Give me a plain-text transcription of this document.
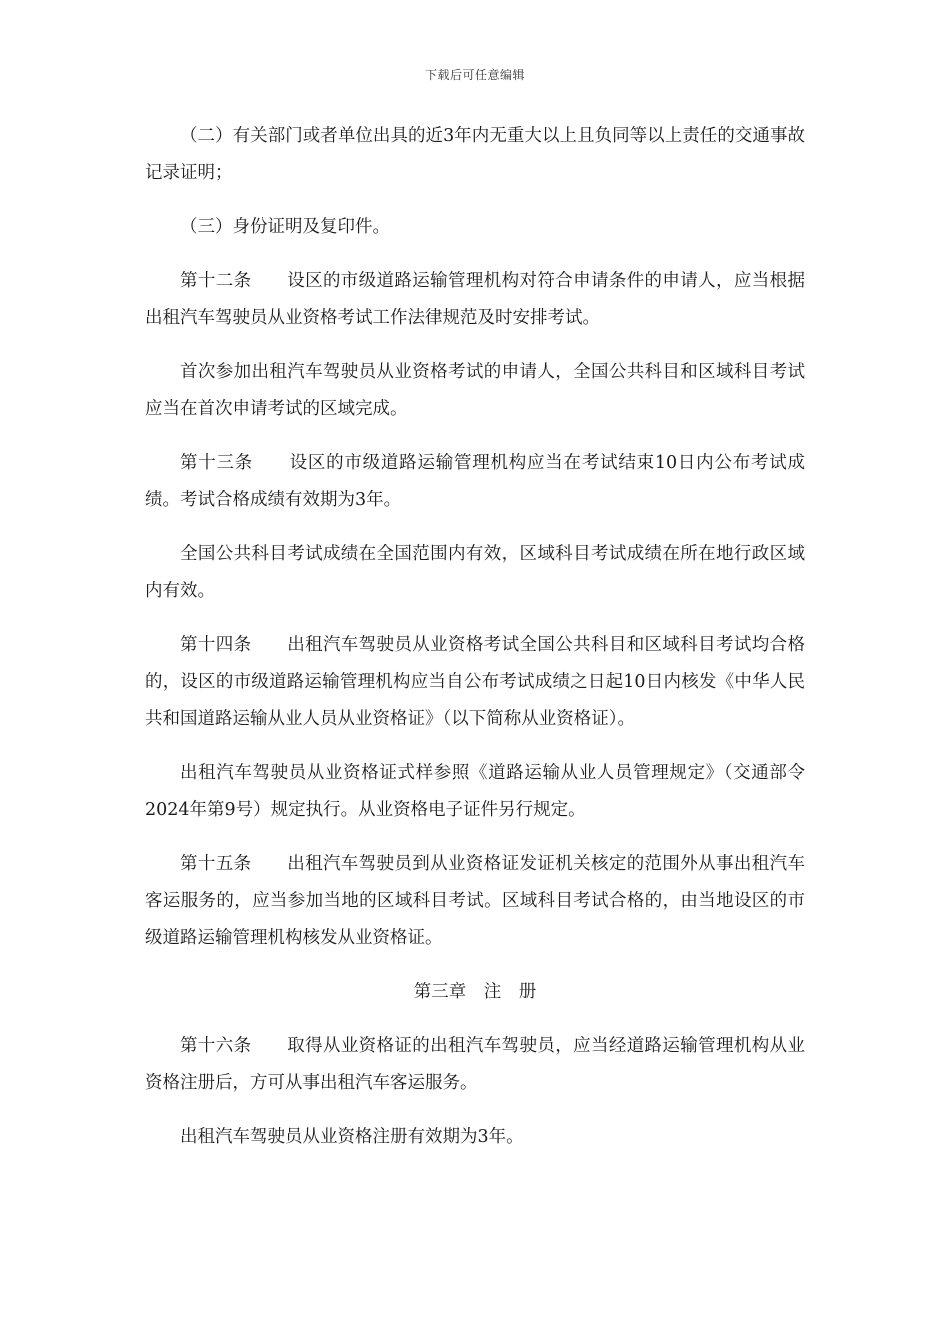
下载后可任意编辑

（二）有关部门或者单位出具的近3年内无重大以上且负同等以上责任的交通事故记录证明；

（三）身份证明及复印件。

第十二条　　设区的市级道路运输管理机构对符合申请条件的申请人，应当根据出租汽车驾驶员从业资格考试工作法律规范及时安排考试。

首次参加出租汽车驾驶员从业资格考试的申请人，全国公共科目和区域科目考试应当在首次申请考试的区域完成。

第十三条　　设区的市级道路运输管理机构应当在考试结束10日内公布考试成绩。考试合格成绩有效期为3年。

全国公共科目考试成绩在全国范围内有效，区域科目考试成绩在所在地行政区域内有效。

第十四条　　出租汽车驾驶员从业资格考试全国公共科目和区域科目考试均合格的，设区的市级道路运输管理机构应当自公布考试成绩之日起10日内核发《中华人民共和国道路运输从业人员从业资格证》（以下简称从业资格证）。

出租汽车驾驶员从业资格证式样参照《道路运输从业人员管理规定》（交通部令2024年第9号）规定执行。从业资格电子证件另行规定。

第十五条　　出租汽车驾驶员到从业资格证发证机关核定的范围外从事出租汽车客运服务的，应当参加当地的区域科目考试。区域科目考试合格的，由当地设区的市级道路运输管理机构核发从业资格证。

第三章　注　册

第十六条　　取得从业资格证的出租汽车驾驶员，应当经道路运输管理机构从业资格注册后，方可从事出租汽车客运服务。

出租汽车驾驶员从业资格注册有效期为3年。
